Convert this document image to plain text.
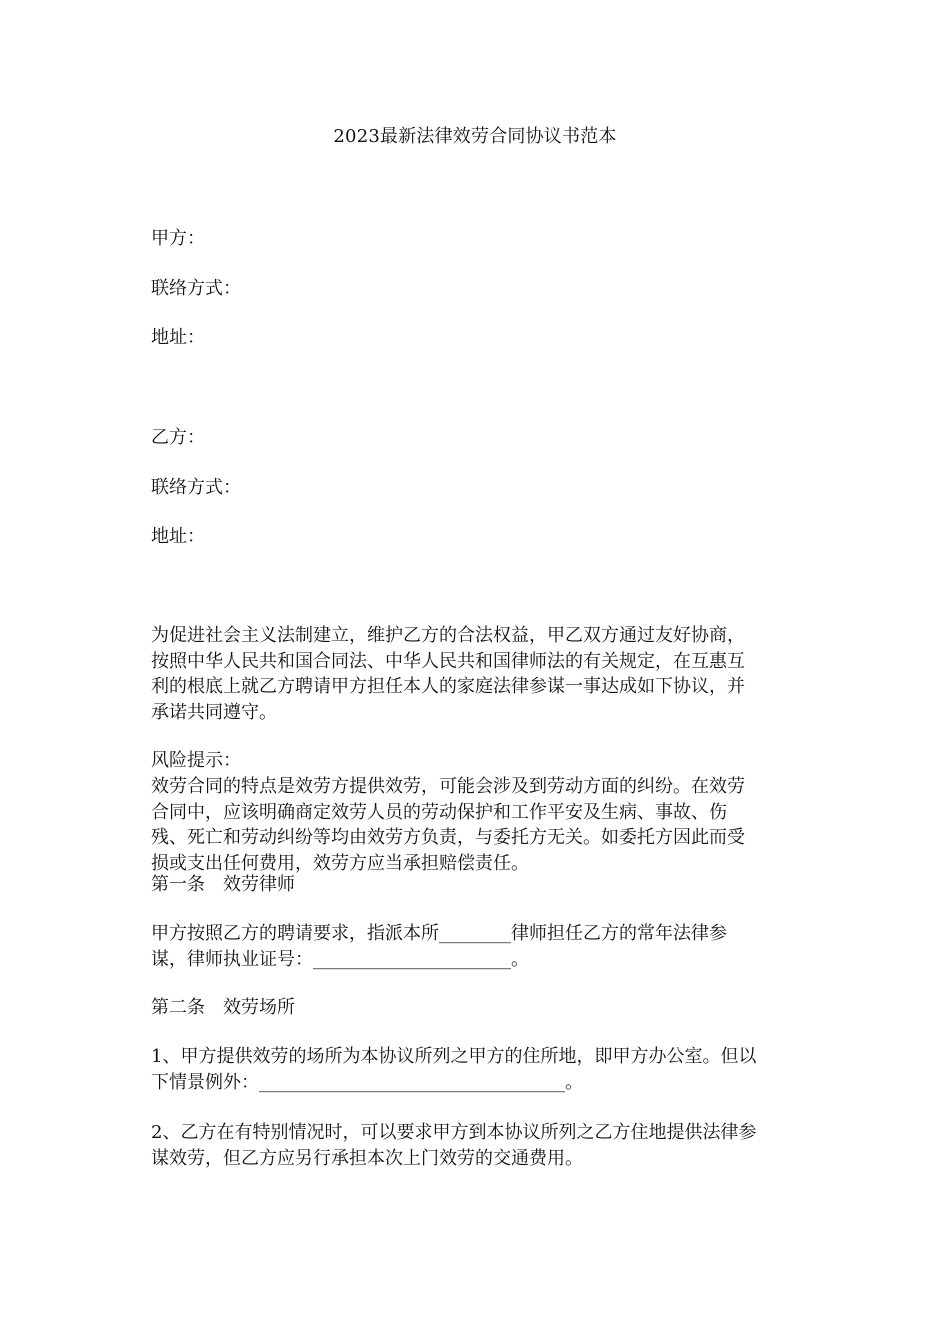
2023最新法律效劳合同协议书范本
甲方：
联络方式：
地址：
乙方：
联络方式：
地址：
为促进社会主义法制建立，维护乙方的合法权益，甲乙双方通过友好协商，
按照中华人民共和国合同法、中华人民共和国律师法的有关规定，在互惠互
利的根底上就乙方聘请甲方担任本人的家庭法律参谋一事达成如下协议，并
承诺共同遵守。
风险提示：
效劳合同的特点是效劳方提供效劳，可能会涉及到劳动方面的纠纷。在效劳
合同中，应该明确商定效劳人员的劳动保护和工作平安及生病、事故、伤
残、死亡和劳动纠纷等均由效劳方负责，与委托方无关。如委托方因此而受
损或支出任何费用，效劳方应当承担赔偿责任。
第一条　效劳律师
甲方按照乙方的聘请要求，指派本所________律师担任乙方的常年法律参
谋，律师执业证号：______________________。
第二条　效劳场所
1、甲方提供效劳的场所为本协议所列之甲方的住所地，即甲方办公室。但以
下情景例外：__________________________________。
2、乙方在有特别情况时，可以要求甲方到本协议所列之乙方住地提供法律参
谋效劳，但乙方应另行承担本次上门效劳的交通费用。
